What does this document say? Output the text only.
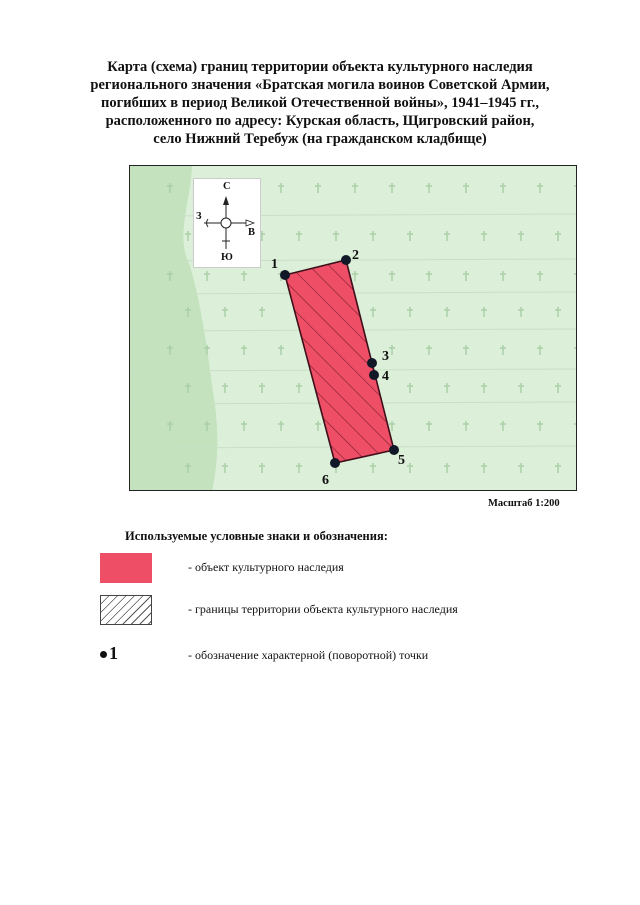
Карта (схема) границ территории объекта культурного наследия
регионального значения «Братская могила воинов Советской Армии,
погибших в период Великой Отечественной войны», 1941–1945 гг.,
расположенного по адресу: Курская область, Щигровский район,
село Нижний Теребуж (на гражданском кладбище)
1
2
3
4
5
6
С
З
В
Ю
Масштаб 1:200
Используемые условные знаки и обозначения:
- объект культурного наследия
- границы территории объекта культурного наследия
1	- обозначение характерной (поворотной) точки
